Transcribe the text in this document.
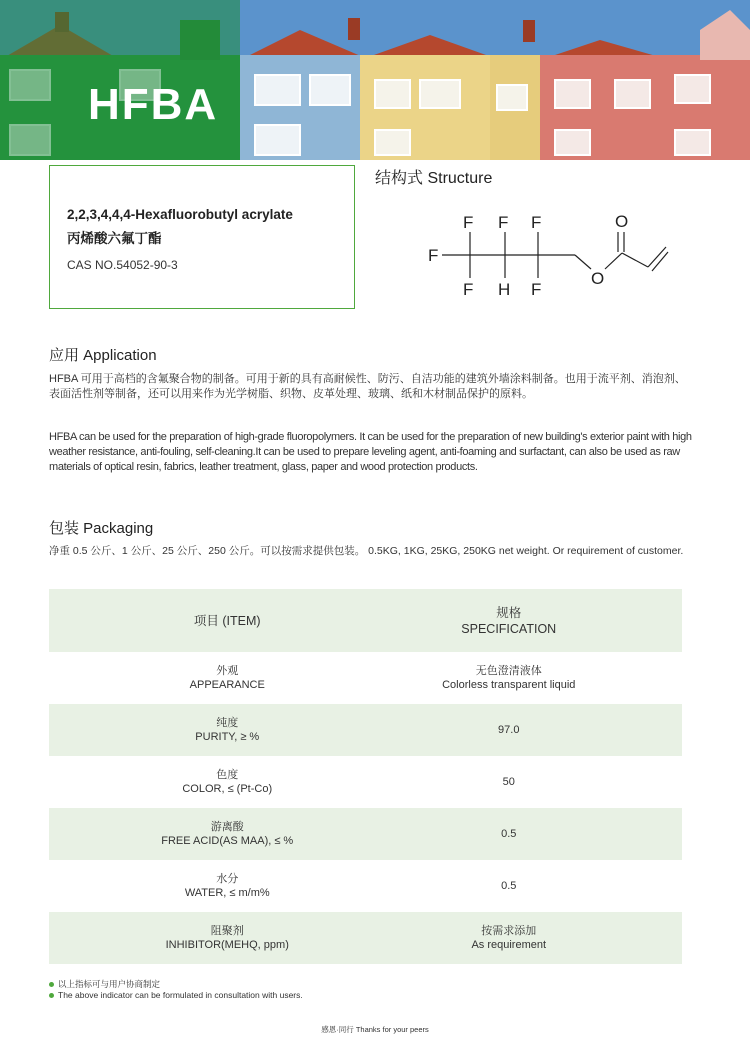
HFBA
2,2,3,4,4,4-Hexafluorobutyl acrylate
丙烯酸六氟丁酯
CAS NO.54052-90-3
结构式 Structure
F F F
F
F H F
O
O
应用 Application

HFBA 可用于高档的含氟聚合物的制备。可用于新的具有高耐候性、防污、自洁功能的建筑外墙涂料制备。也用于流平剂、消泡剂、表面活性剂等制备，还可以用来作为光学树脂、织物、皮革处理、玻璃、纸和木材制品保护的原料。

HFBA can be used for the preparation of high-grade fluoropolymers. It can be used for the preparation of new building's exterior paint with high weather resistance, anti-fouling, self-cleaning.It can be used to prepare leveling agent, anti-foaming and surfactant, can also be used as raw materials of optical resin, fabrics, leather treatment, glass, paper and wood protection products.

包装 Packaging
净重 0.5 公斤、1 公斤、25 公斤、250 公斤。可以按需求提供包装。 0.5KG, 1KG, 25KG, 250KG net weight. Or requirement of customer.
项目 (ITEM)	规格
SPECIFICATION

外观
APPEARANCE	无色澄清液体
Colorless transparent liquid

纯度
PURITY, ≥ %	97.0

色度
COLOR, ≤ (Pt-Co)	50

游离酸
FREE ACID(AS MAA), ≤ %	0.5

水分
WATER, ≤ m/m%	0.5

阻聚剂
INHIBITOR(MEHQ, ppm)	按需求添加
As requirement
以上指标可与用户协商制定
The above indicator can be formulated in consultation with users.
感恩·同行 Thanks for your peers
